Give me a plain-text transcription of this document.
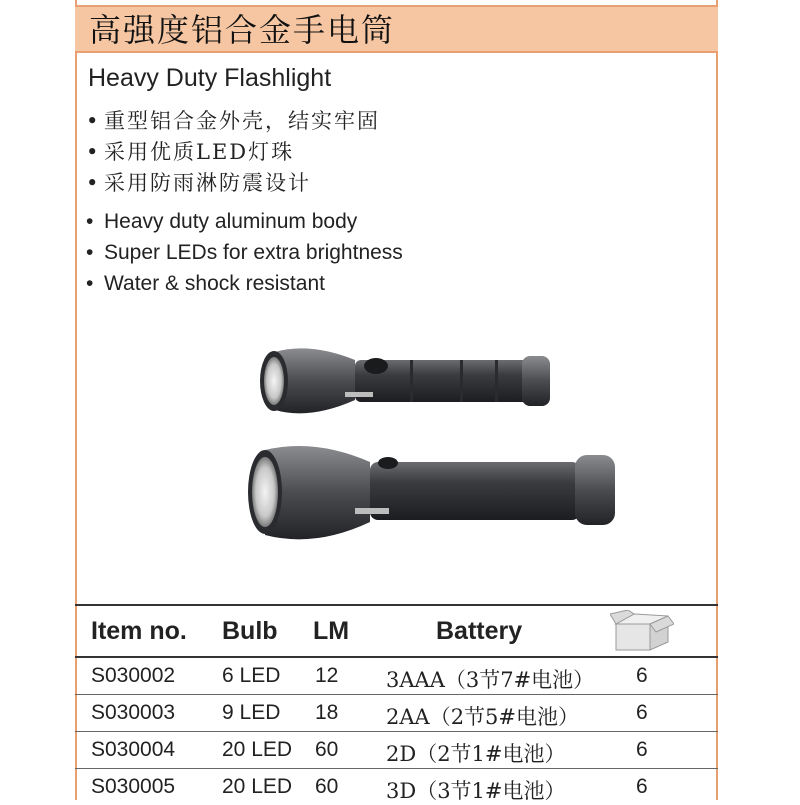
高强度铝合金手电筒
Heavy Duty Flashlight
• 重型铝合金外壳，结实牢固
• 采用优质LED灯珠
• 采用防雨淋防震设计
• Heavy duty aluminum body
• Super LEDs for extra brightness
• Water & shock resistant
Item no. Bulb LM	Battery
S030002 6 LED 12 3AAA（3节7#电池） 6
S030003 9 LED 18 2AA（2节5#电池）	6
S030004 20 LED 60 2D（2节1#电池）	6
S030005 20 LED 60 3D（3节1#电池）	6
